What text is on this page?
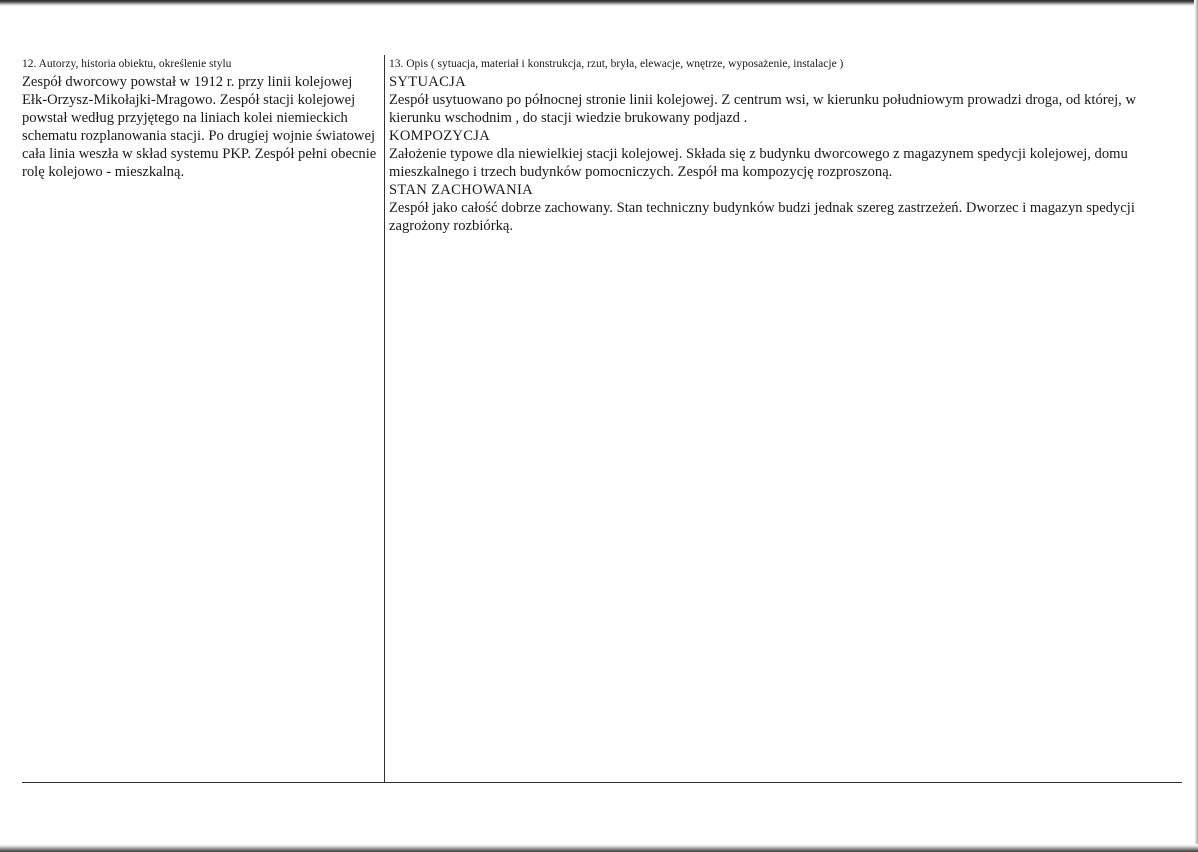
12. Autorzy, historia obiektu, określenie stylu

Zespół dworcowy powstał w 1912 r. przy linii kolejowej Ełk-Orzysz-Mikołajki-Mragowo. Zespół stacji kolejowej powstał według przyjętego na liniach kolei niemieckich schematu rozplanowania stacji. Po drugiej wojnie światowej cała linia weszła w skład systemu PKP. Zespół pełni obecnie rolę kolejowo - mieszkalną.

13. Opis ( sytuacja, materiał i konstrukcja, rzut, bryła, elewacje, wnętrze, wyposażenie, instalacje )

SYTUACJA

Zespół usytuowano po północnej stronie linii kolejowej. Z centrum wsi, w kierunku południowym prowadzi droga, od której, w kierunku wschodnim , do stacji wiedzie brukowany podjazd .

KOMPOZYCJA

Założenie typowe dla niewielkiej stacji kolejowej. Składa się z budynku dworcowego z magazynem spedycji kolejowej, domu mieszkalnego i trzech budynków pomocniczych. Zespół ma kompozycję rozproszoną.

STAN ZACHOWANIA

Zespół jako całość dobrze zachowany. Stan techniczny budynków budzi jednak szereg zastrzeżeń. Dworzec i magazyn spedycji zagrożony rozbiórką.
